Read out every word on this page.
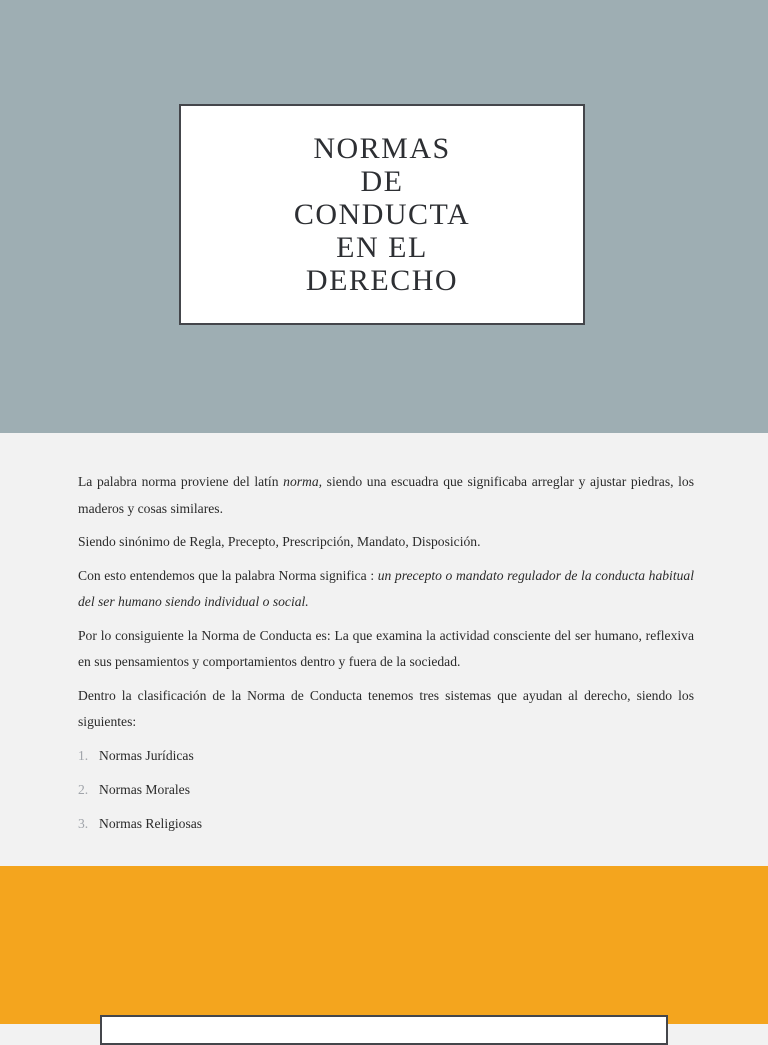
NORMAS
DE
CONDUCTA
EN EL
DERECHO

La palabra norma proviene del latín norma, siendo una escuadra que significaba arreglar y ajustar piedras, los maderos y cosas similares.

Siendo sinónimo de Regla, Precepto, Prescripción, Mandato, Disposición.

Con esto entendemos que la palabra Norma significa : un precepto o mandato regulador de la conducta habitual del ser humano siendo individual o social.

Por lo consiguiente la Norma de Conducta es: La que examina la actividad consciente del ser humano, reflexiva en sus pensamientos y comportamientos dentro y fuera de la sociedad.

Dentro la clasificación de la Norma de Conducta tenemos tres sistemas que ayudan al derecho, siendo los siguientes:

1. Normas Jurídicas
2. Normas Morales
3. Normas Religiosas
